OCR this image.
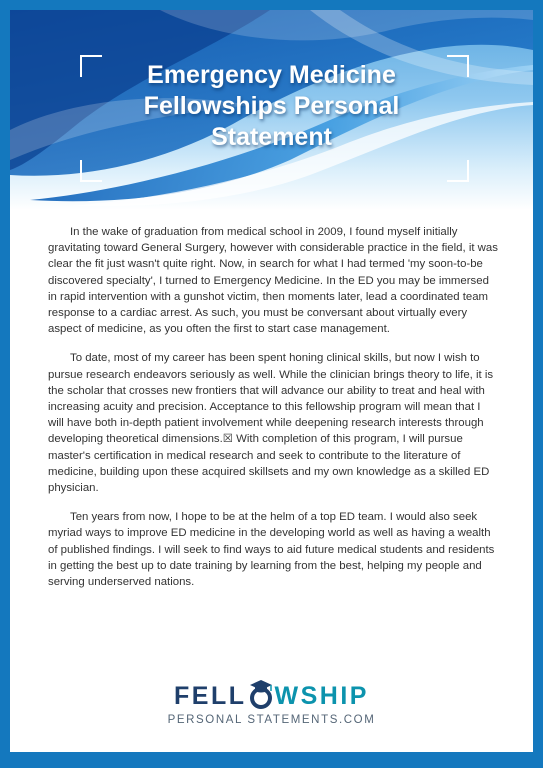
Emergency Medicine
Fellowships Personal
Statement

In the wake of graduation from medical school in 2009, I found myself initially gravitating toward General Surgery, however with considerable practice in the field, it was clear the fit just wasn't quite right. Now, in search for what I had termed 'my soon-to-be discovered specialty', I turned to Emergency Medicine. In the ED you may be immersed in rapid intervention with a gunshot victim, then moments later, lead a coordinated team response to a cardiac arrest. As such, you must be conversant about virtually every aspect of medicine, as you often the first to start case management.

To date, most of my career has been spent honing clinical skills, but now I wish to pursue research endeavors seriously as well. While the clinician brings theory to life, it is the scholar that crosses new frontiers that will advance our ability to treat and heal with increasing acuity and precision. Acceptance to this fellowship program will mean that I will have both in-depth patient involvement while deepening research interests through developing theoretical dimensions.☒ With completion of this program, I will pursue master's certification in medical research and seek to contribute to the literature of medicine, building upon these acquired skillsets and my own knowledge as a skilled ED physician.

Ten years from now, I hope to be at the helm of a top ED team. I would also seek myriad ways to improve ED medicine in the developing world as well as having a wealth of published findings. I will seek to find ways to aid future medical students and residents in getting the best up to date training by learning from the best, helping my people and serving underserved nations.

FELL WSHIP
PERSONAL STATEMENTS.COM
